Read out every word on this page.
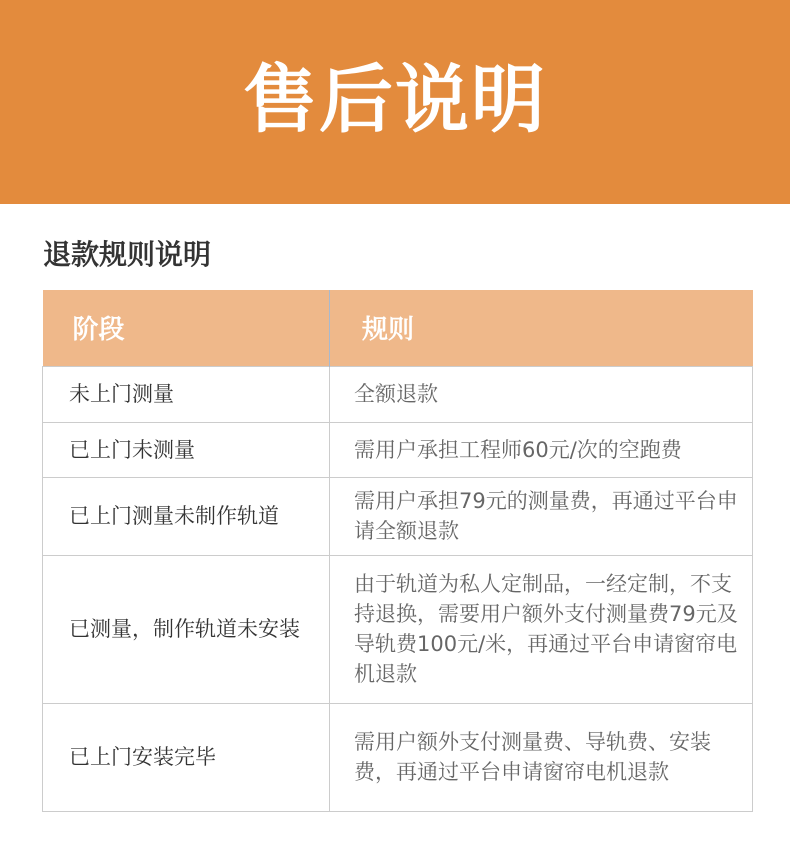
售后说明
退款规则说明
阶段	规则
未上门测量	全额退款
已上门未测量	需用户承担工程师60元/次的空跑费
已上门测量未制作轨道	需用户承担79元的测量费，再通过平台申请全额退款
已测量，制作轨道未安装	由于轨道为私人定制品，一经定制，不支持退换，需要用户额外支付测量费79元及导轨费100元/米，再通过平台申请窗帘电机退款
已上门安装完毕	需用户额外支付测量费、导轨费、安装费，再通过平台申请窗帘电机退款
